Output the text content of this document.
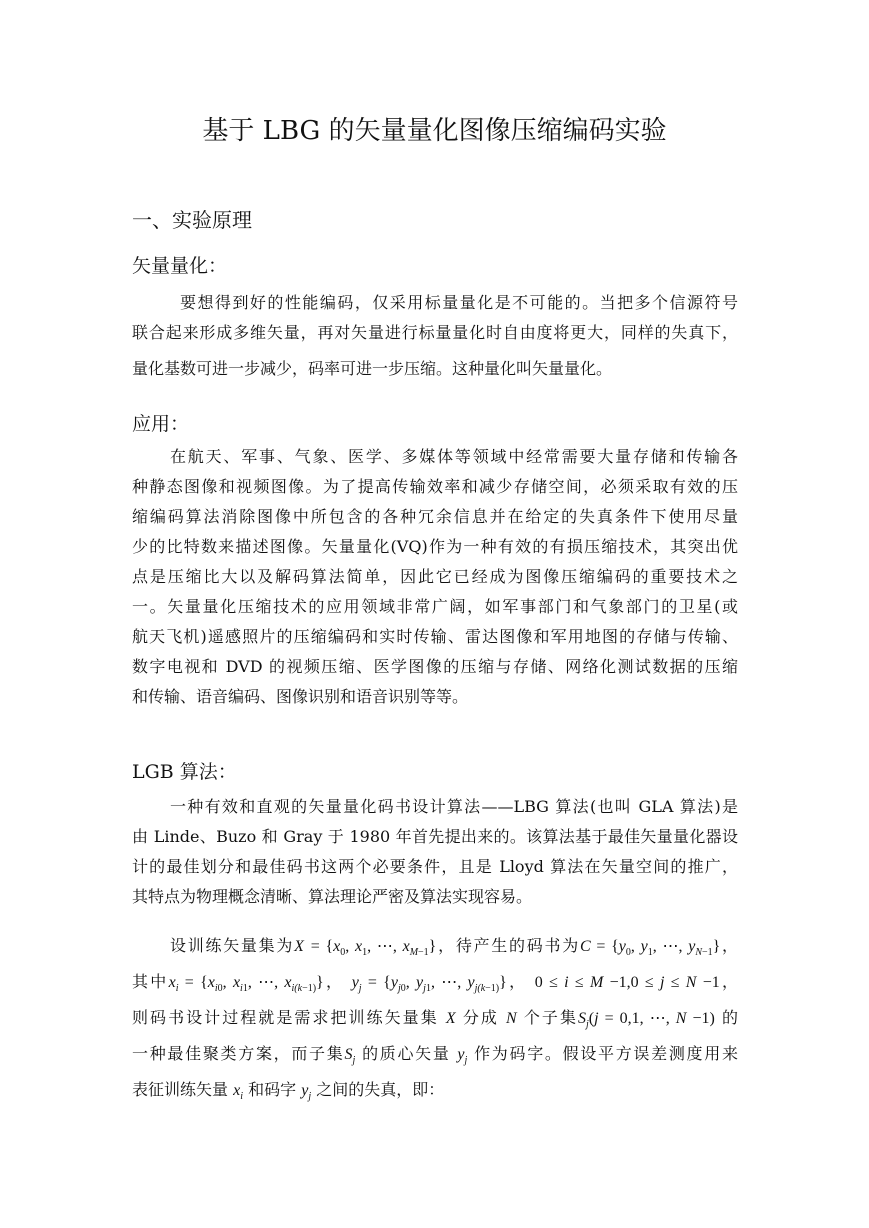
基于 LBG 的矢量量化图像压缩编码实验
一、实验原理
矢量量化：
要想得到好的性能编码，仅采用标量量化是不可能的。当把多个信源符号
联合起来形成多维矢量，再对矢量进行标量量化时自由度将更大，同样的失真下，
量化基数可进一步减少，码率可进一步压缩。这种量化叫矢量量化。
应用：
在航天、军事、气象、医学、多媒体等领域中经常需要大量存储和传输各
种静态图像和视频图像。为了提高传输效率和减少存储空间，必须采取有效的压
缩编码算法消除图像中所包含的各种冗余信息并在给定的失真条件下使用尽量
少的比特数来描述图像。矢量量化(VQ)作为一种有效的有损压缩技术，其突出优
点是压缩比大以及解码算法简单，因此它已经成为图像压缩编码的重要技术之
一。矢量量化压缩技术的应用领域非常广阔，如军事部门和气象部门的卫星(或
航天飞机)遥感照片的压缩编码和实时传输、雷达图像和军用地图的存储与传输、
数字电视和 DVD 的视频压缩、医学图像的压缩与存储、网络化测试数据的压缩
和传输、语音编码、图像识别和语音识别等等。
LGB 算法：
一种有效和直观的矢量量化码书设计算法——LBG 算法(也叫 GLA 算法)是
由 Linde、Buzo 和 Gray 于 1980 年首先提出来的。该算法基于最佳矢量量化器设
计的最佳划分和最佳码书这两个必要条件，且是 Lloyd 算法在矢量空间的推广，
其特点为物理概念清晰、算法理论严密及算法实现容易。
设训练矢量集为$X = \{x_0$, $x_1$, ⋯, $x_{M-1}$}，待产生的码书为$C = \{y_0$, $y_1$, ⋯, $y_{N-1}$}，
其中$x_i = \{x_{i0}$, $x_{i1}$, ⋯, $x_{i(k-1)}$}， $y_j = \{y_{j0}$, $y_{j1}$, ⋯, $y_{j(k-1)}$}， 0 ≤ i ≤ M −1,0 ≤ j ≤ N −1，
则码书设计过程就是需求把训练矢量集 X 分成 N 个子集$S_j(j = 0,1$, ⋯, N −1) 的
一种最佳聚类方案，而子集$S_j$ 的质心矢量 $y_j$ 作为码字。假设平方误差测度用来
表征训练矢量 $x_i$ 和码字 $y_j$ 之间的失真，即：
